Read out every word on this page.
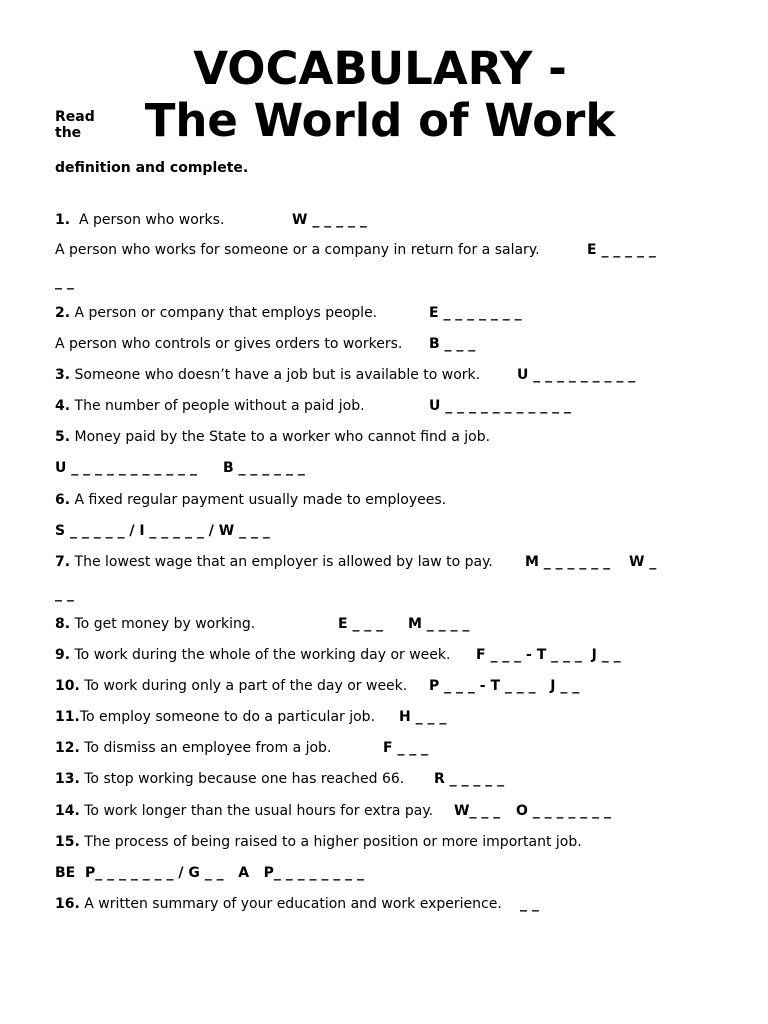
VOCABULARY -
The World of Work
Read the
definition and complete.
1.  A person who works.	W _ _ _ _ _
A person who works for someone or a company in return for a salary.	E _ _ _ _ _
_ _
2. A person or company that employs people.	E _ _ _ _ _ _ _
A person who controls or gives orders to workers. B _ _ _
3. Someone who doesn’t have a job but is available to work.	U _ _ _ _ _ _ _ _ _
4. The number of people without a paid job.	U _ _ _ _ _ _ _ _ _ _ _
5. Money paid by the State to a worker who cannot find a job.
U _ _ _ _ _ _ _ _ _ _ _ B _ _ _ _ _ _
6. A fixed regular payment usually made to employees.
S _ _ _ _ _ / I _ _ _ _ _ / W _ _ _
7. The lowest wage that an employer is allowed by law to pay. M _ _ _ _ _ _ W _
_ _
8. To get money by working.	E _ _ _ M _ _ _ _
9. To work during the whole of the working day or week. F _ _ _ - T _ _ _  J _ _
10. To work during only a part of the day or week. P _ _ _ - T _ _ _   J _ _
11.To employ someone to do a particular job. H _ _ _
12. To dismiss an employee from a job.	F _ _ _
13. To stop working because one has reached 66. R _ _ _ _ _
14. To work longer than the usual hours for extra pay. W_ _ _ O _ _ _ _ _ _ _
15. The process of being raised to a higher position or more important job.
BE  P_ _ _ _ _ _ _ / G _ _   A   P_ _ _ _ _ _ _ _
16. A written summary of your education and work experience. _ _
